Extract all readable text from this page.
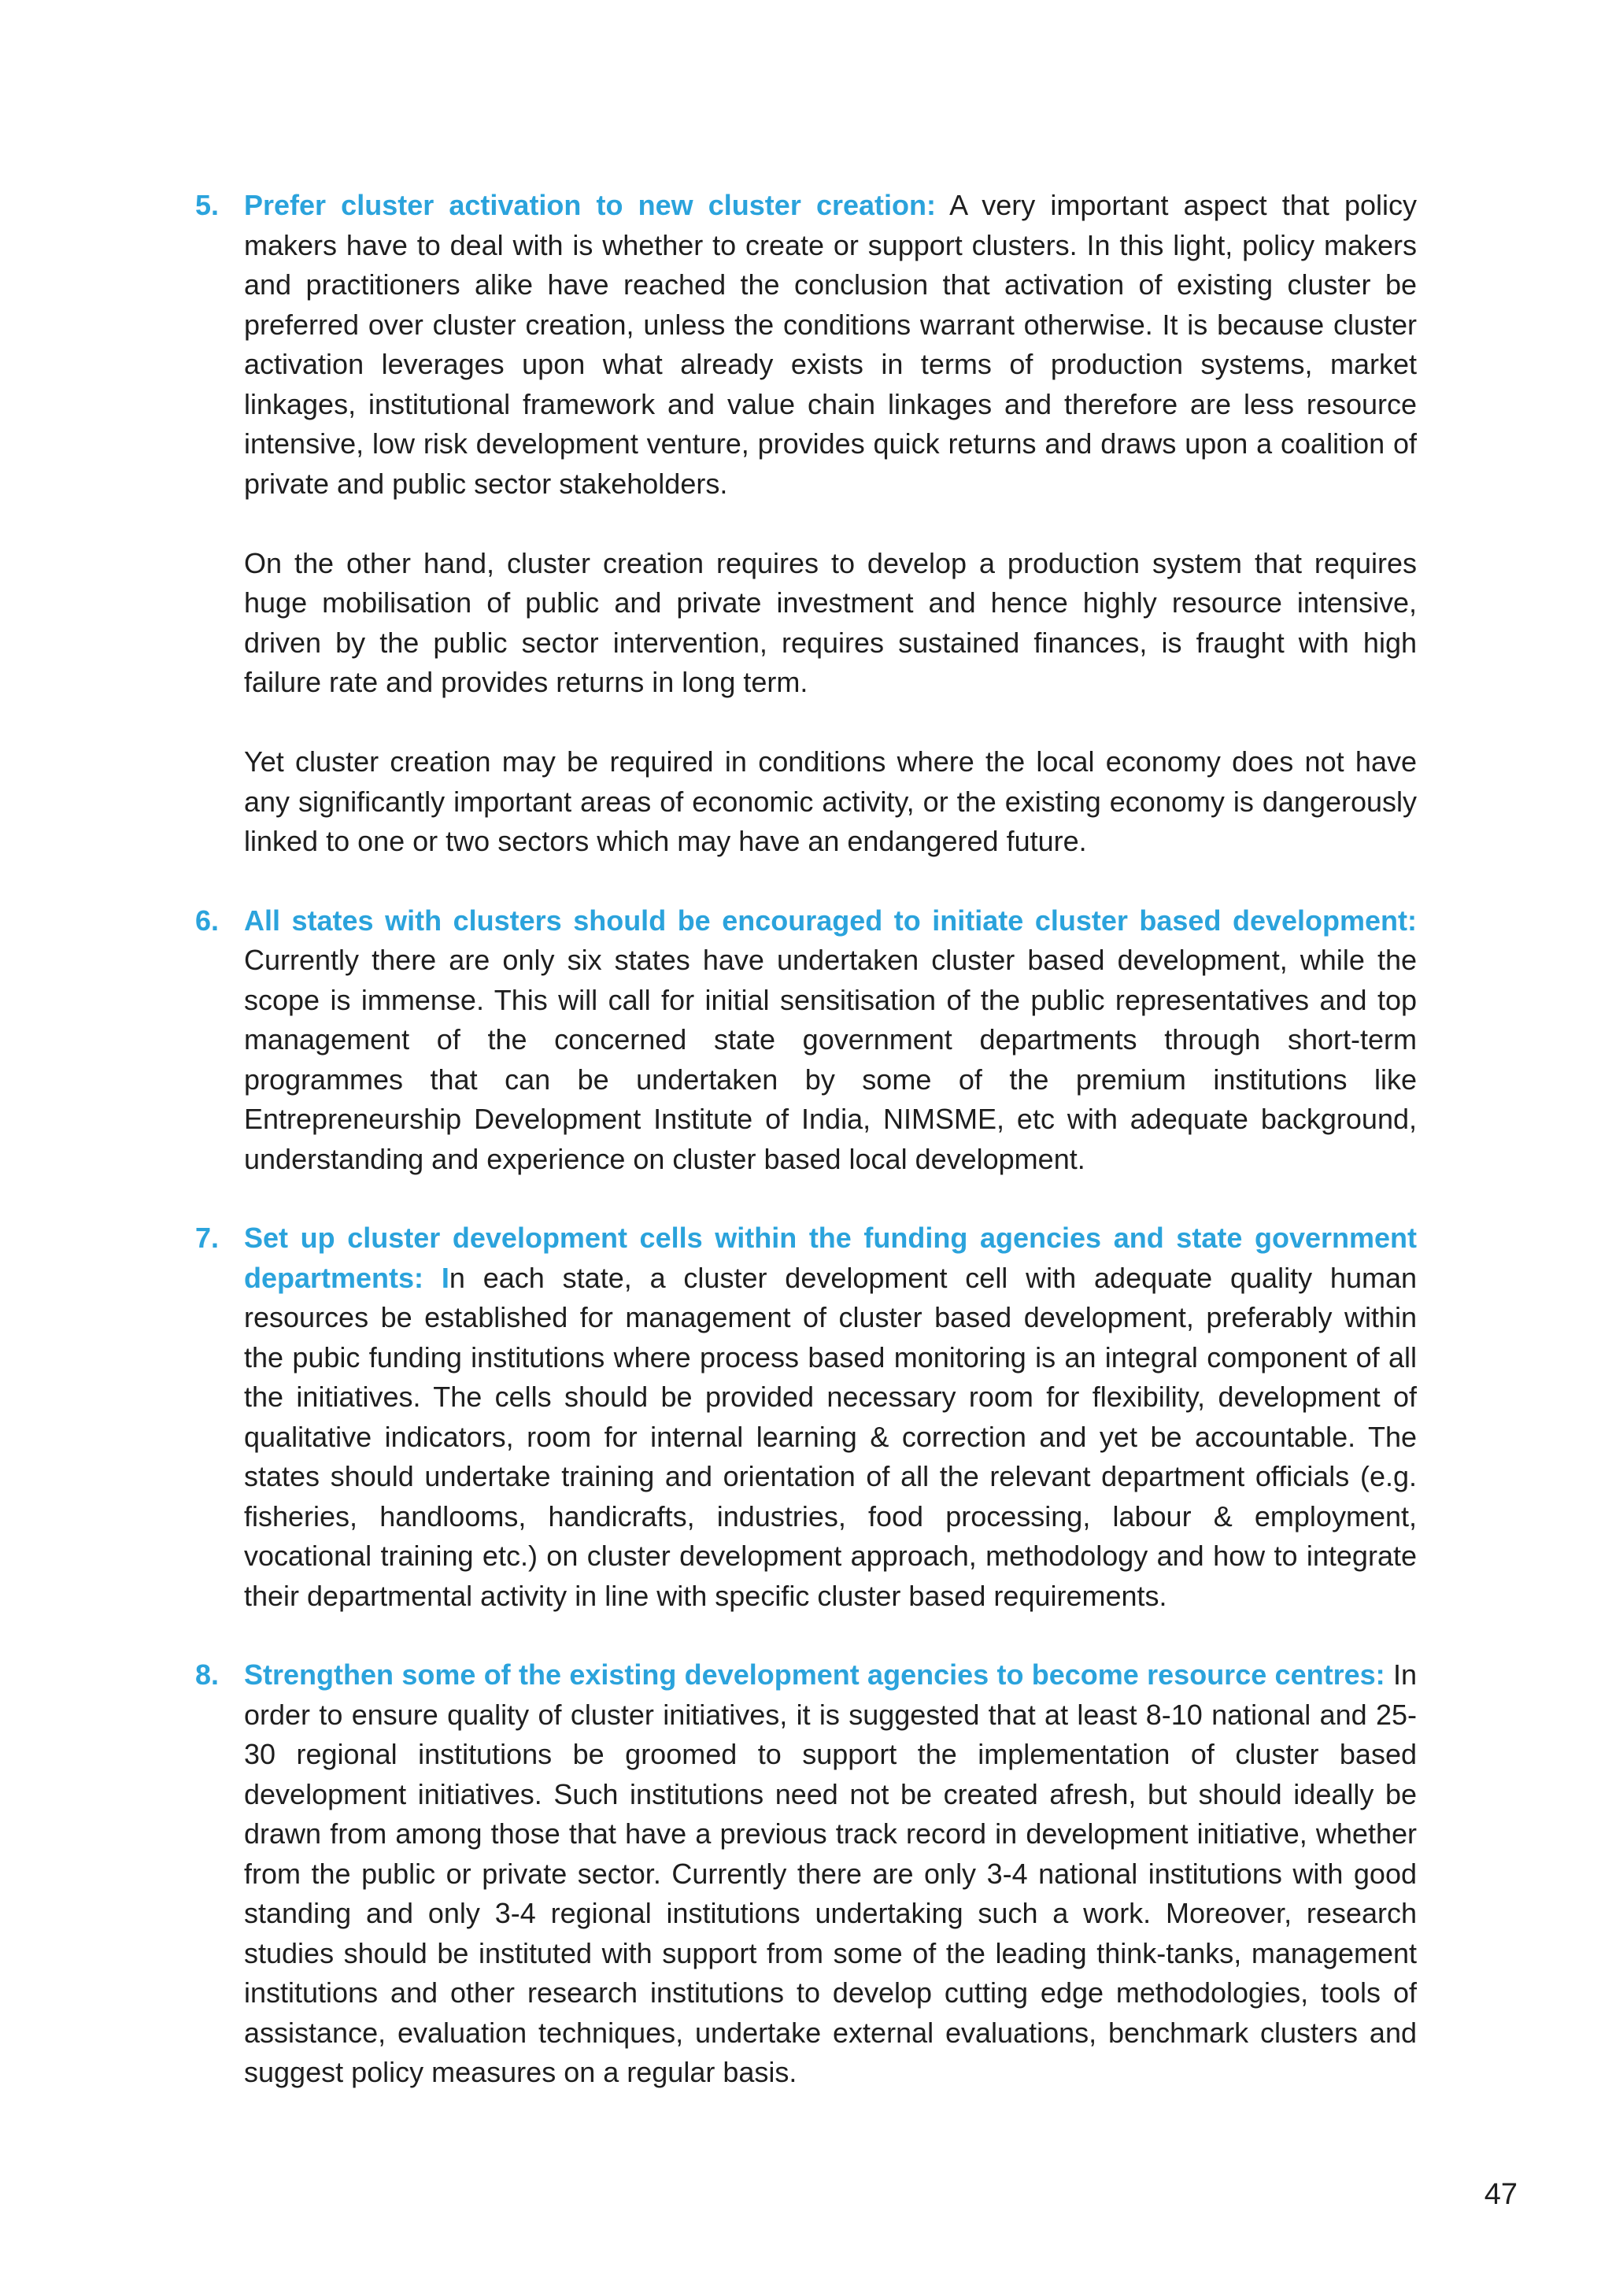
5. Prefer cluster activation to new cluster creation: A very important aspect that policy makers have to deal with is whether to create or support clusters. In this light, policy makers and practitioners alike have reached the conclusion that activation of existing cluster be preferred over cluster creation, unless the conditions warrant otherwise. It is because cluster activation leverages upon what already exists in terms of production systems, market linkages, institutional framework and value chain linkages and therefore are less resource intensive, low risk development venture, provides quick returns and draws upon a coalition of private and public sector stakeholders.

On the other hand, cluster creation requires to develop a production system that requires huge mobilisation of public and private investment and hence highly resource intensive, driven by the public sector intervention, requires sustained finances, is fraught with high failure rate and provides returns in long term.

Yet cluster creation may be required in conditions where the local economy does not have any significantly important areas of economic activity, or the existing economy is dangerously linked to one or two sectors which may have an endangered future.

6. All states with clusters should be encouraged to initiate cluster based development: Currently there are only six states have undertaken cluster based development, while the scope is immense. This will call for initial sensitisation of the public representatives and top management of the concerned state government departments through short-term programmes that can be undertaken by some of the premium institutions like Entrepreneurship Development Institute of India, NIMSME, etc with adequate background, understanding and experience on cluster based local development.

7. Set up cluster development cells within the funding agencies and state government departments: In each state, a cluster development cell with adequate quality human resources be established for management of cluster based development, preferably within the pubic funding institutions where process based monitoring is an integral component of all the initiatives. The cells should be provided necessary room for flexibility, development of qualitative indicators, room for internal learning & correction and yet be accountable. The states should undertake training and orientation of all the relevant department officials (e.g. fisheries, handlooms, handicrafts, industries, food processing, labour & employment, vocational training etc.) on cluster development approach, methodology and how to integrate their departmental activity in line with specific cluster based requirements.

8. Strengthen some of the existing development agencies to become resource centres: In order to ensure quality of cluster initiatives, it is suggested that at least 8-10 national and 25-30 regional institutions be groomed to support the implementation of cluster based development initiatives. Such institutions need not be created afresh, but should ideally be drawn from among those that have a previous track record in development initiative, whether from the public or private sector. Currently there are only 3-4 national institutions with good standing and only 3-4 regional institutions undertaking such a work. Moreover, research studies should be instituted with support from some of the leading think-tanks, management institutions and other research institutions to develop cutting edge methodologies, tools of assistance, evaluation techniques, undertake external evaluations, benchmark clusters and suggest policy measures on a regular basis.

47
